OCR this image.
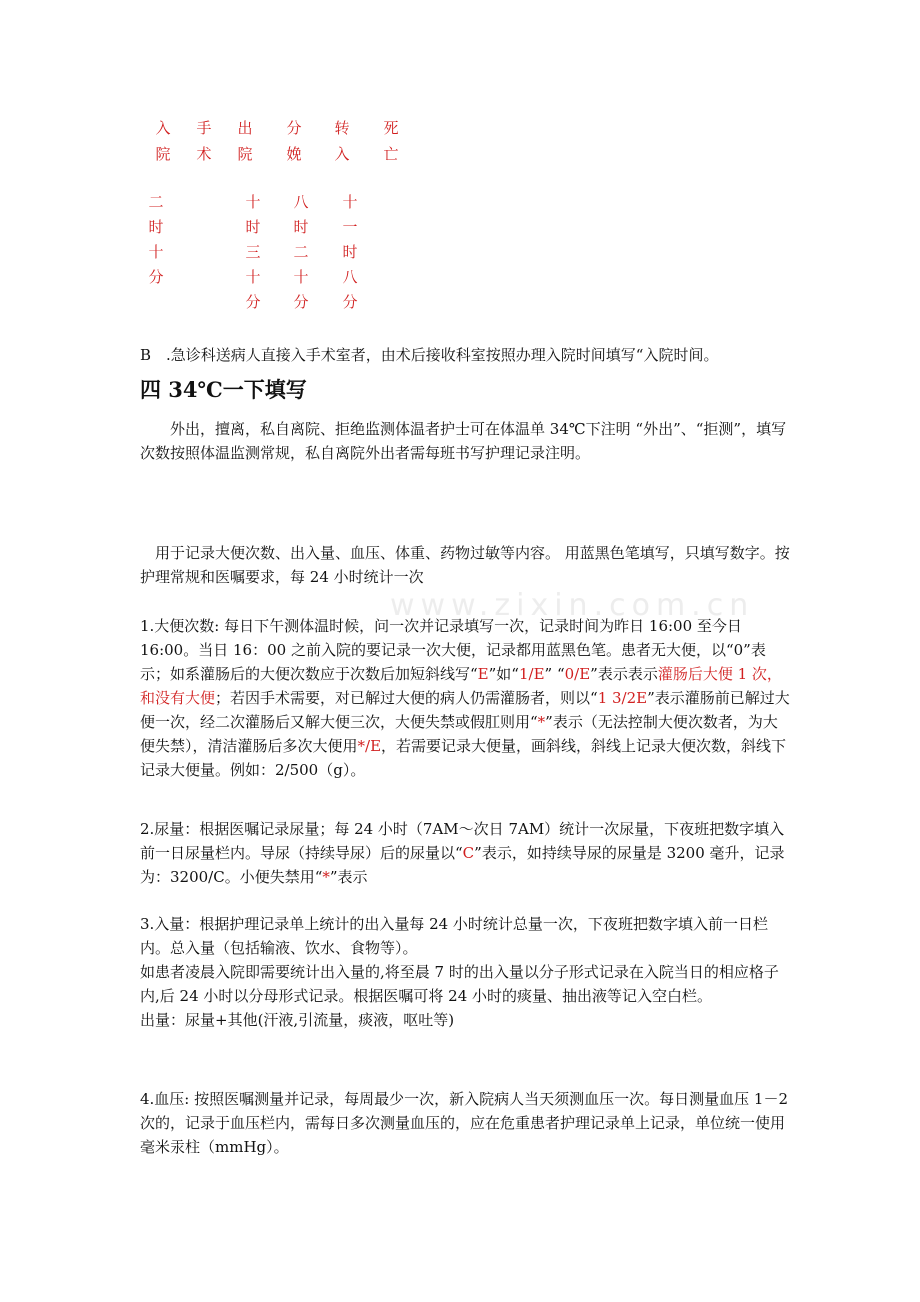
入
院
手
术
出
院
分
娩
转
入
死
亡
二
时
十
分
十
时
三
十
分
八
时
二
十
分
十
一
时
八
分
B　.急诊科送病人直接入手术室者，由术后接收科室按照办理入院时间填写“入院时间。
四 34℃一下填写

外出，擅离，私自离院、拒绝监测体温者护士可在体温单 34℃下注明 “外出”、“拒测”，填写次数按照体温监测常规，私自离院外出者需每班书写护理记录注明。

www.zixin.com.cn

用于记录大便次数、出入量、血压、体重、药物过敏等内容。 用蓝黑色笔填写，只填写数字。按护理常规和医嘱要求，每 24 小时统计一次

1.大便次数: 每日下午测体温时候，问一次并记录填写一次，记录时间为昨日 16:00 至今日 16:00。当日 16：00 之前入院的要记录一次大便，记录都用蓝黑色笔。患者无大便，以“0”表示；如系灌肠后的大便次数应于次数后加短斜线写“E”如“1/E” “0/E”表示表示灌肠后大便 1 次，和没有大便；若因手术需要，对已解过大便的病人仍需灌肠者，则以“1 3/2E”表示灌肠前已解过大便一次，经二次灌肠后又解大便三次，大便失禁或假肛则用“*”表示（无法控制大便次数者，为大便失禁），清洁灌肠后多次大便用*/E，若需要记录大便量，画斜线，斜线上记录大便次数，斜线下记录大便量。例如：2/500（g）。

2.尿量：根据医嘱记录尿量；每 24 小时（7AM～次日 7AM）统计一次尿量，下夜班把数字填入前一日尿量栏内。导尿（持续导尿）后的尿量以“C”表示，如持续导尿的尿量是 3200 毫升，记录为：3200/C。小便失禁用“*”表示

3.入量：根据护理记录单上统计的出入量每 24 小时统计总量一次，下夜班把数字填入前一日栏内。总入量（包括输液、饮水、食物等）。

如患者凌晨入院即需要统计出入量的,将至晨 7 时的出入量以分子形式记录在入院当日的相应格子内,后 24 小时以分母形式记录。根据医嘱可将 24 小时的痰量、抽出液等记入空白栏。

出量：尿量+其他(汗液,引流量，痰液，呕吐等)

4.血压: 按照医嘱测量并记录，每周最少一次，新入院病人当天须测血压一次。每日测量血压 1－2 次的，记录于血压栏内，需每日多次测量血压的，应在危重患者护理记录单上记录，单位统一使用毫米汞柱（mmHg）。
